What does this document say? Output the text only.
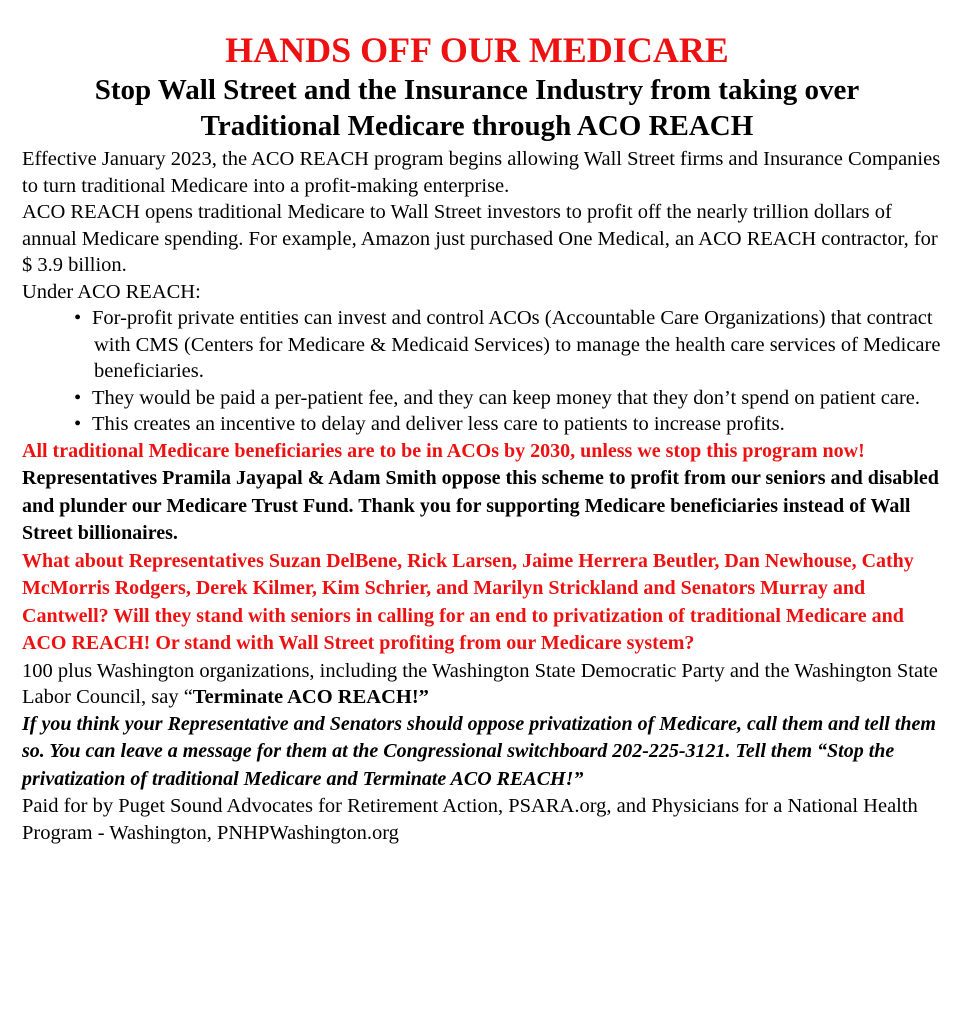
HANDS OFF OUR MEDICARE
Stop Wall Street and the Insurance Industry from taking over
Traditional Medicare through ACO REACH

Effective January 2023, the ACO REACH program begins allowing Wall Street firms and Insurance Companies to turn traditional Medicare into a profit-making enterprise.

ACO REACH opens traditional Medicare to Wall Street investors to profit off the nearly trillion dollars of annual Medicare spending. For example, Amazon just purchased One Medical, an ACO REACH contractor, for $ 3.9 billion.

Under ACO REACH:

• For-profit private entities can invest and control ACOs (Accountable Care Organizations) that contract with CMS (Centers for Medicare & Medicaid Services) to manage the health care services of Medicare beneficiaries.
• They would be paid a per-patient fee, and they can keep money that they don’t spend on patient care.
• This creates an incentive to delay and deliver less care to patients to increase profits.

All traditional Medicare beneficiaries are to be in ACOs by 2030, unless we stop this program now!

Representatives Pramila Jayapal & Adam Smith oppose this scheme to profit from our seniors and disabled and plunder our Medicare Trust Fund. Thank you for supporting Medicare beneficiaries instead of Wall Street billionaires.

What about Representatives Suzan DelBene, Rick Larsen, Jaime Herrera Beutler, Dan Newhouse, Cathy McMorris Rodgers, Derek Kilmer, Kim Schrier, and Marilyn Strickland and Senators Murray and Cantwell? Will they stand with seniors in calling for an end to privatization of traditional Medicare and ACO REACH! Or stand with Wall Street profiting from our Medicare system?

100 plus Washington organizations, including the Washington State Democratic Party and the Washington State Labor Council, say “Terminate ACO REACH!”

If you think your Representative and Senators should oppose privatization of Medicare, call them and tell them so. You can leave a message for them at the Congressional switchboard 202-225-3121. Tell them “Stop the privatization of traditional Medicare and Terminate ACO REACH!”

Paid for by Puget Sound Advocates for Retirement Action, PSARA.org, and Physicians for a National Health Program - Washington, PNHPWashington.org
